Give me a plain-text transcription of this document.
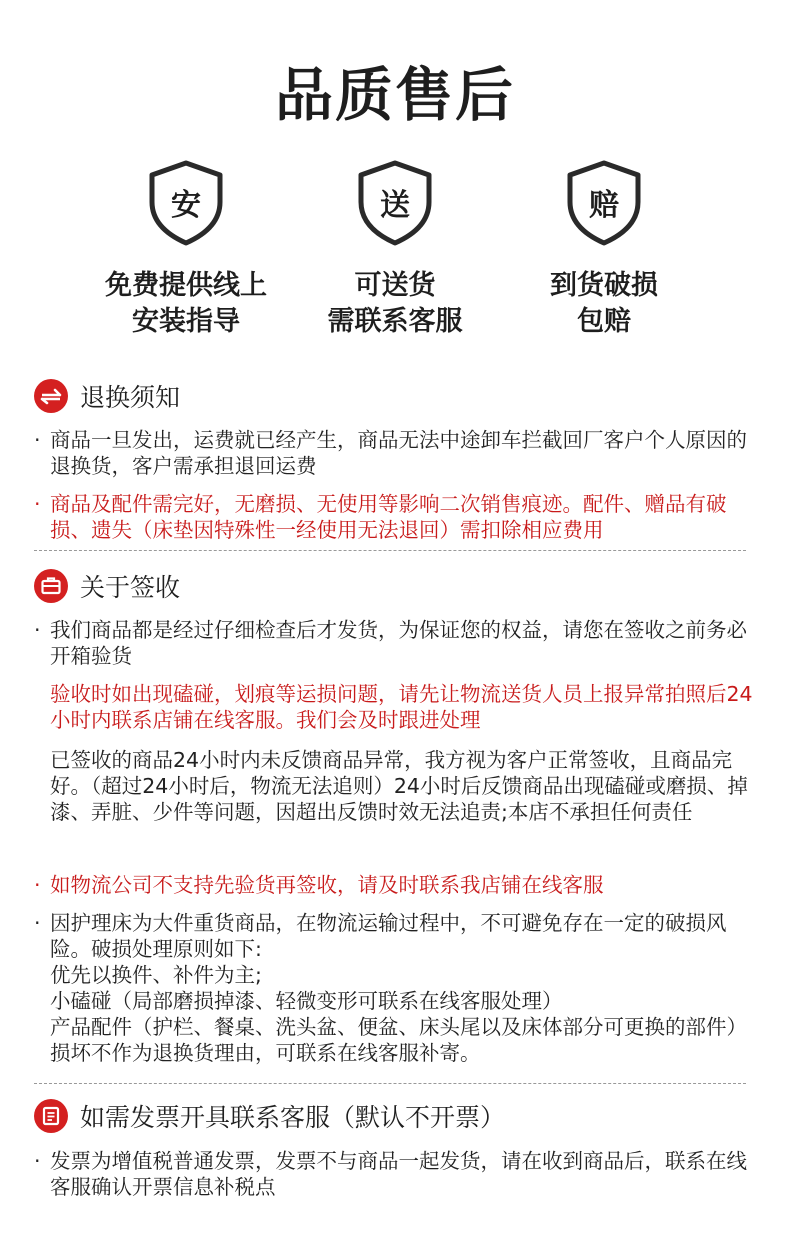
品质售后
安
免费提供线上
安装指导
送
可送货
需联系客服
赔
到货破损
包赔
退换须知
· 商品一旦发出，运费就已经产生，商品无法中途卸车拦截回厂客户个人原因的退换货，客户需承担退回运费
· 商品及配件需完好，无磨损、无使用等影响二次销售痕迹。配件、赠品有破损、遗失（床垫因特殊性一经使用无法退回）需扣除相应费用
关于签收
· 我们商品都是经过仔细检查后才发货，为保证您的权益，请您在签收之前务必开箱验货
验收时如出现磕碰，划痕等运损问题，请先让物流送货人员上报异常拍照后24小时内联系店铺在线客服。我们会及时跟进处理
已签收的商品24小时内未反馈商品异常，我方视为客户正常签收，且商品完好。（超过24小时后，物流无法追则）24小时后反馈商品出现磕碰或磨损、掉漆、弄脏、少件等问题，因超出反馈时效无法追责;本店不承担任何责任
· 如物流公司不支持先验货再签收，请及时联系我店铺在线客服
· 因护理床为大件重货商品，在物流运输过程中，不可避免存在一定的破损风险。破损处理原则如下:
优先以换件、补件为主;
小磕碰（局部磨损掉漆、轻微变形可联系在线客服处理）
产品配件（护栏、餐桌、洗头盆、便盆、床头尾以及床体部分可更换的部件）损坏不作为退换货理由，可联系在线客服补寄。
如需发票开具联系客服（默认不开票）
· 发票为增值税普通发票，发票不与商品一起发货，请在收到商品后，联系在线客服确认开票信息补税点
